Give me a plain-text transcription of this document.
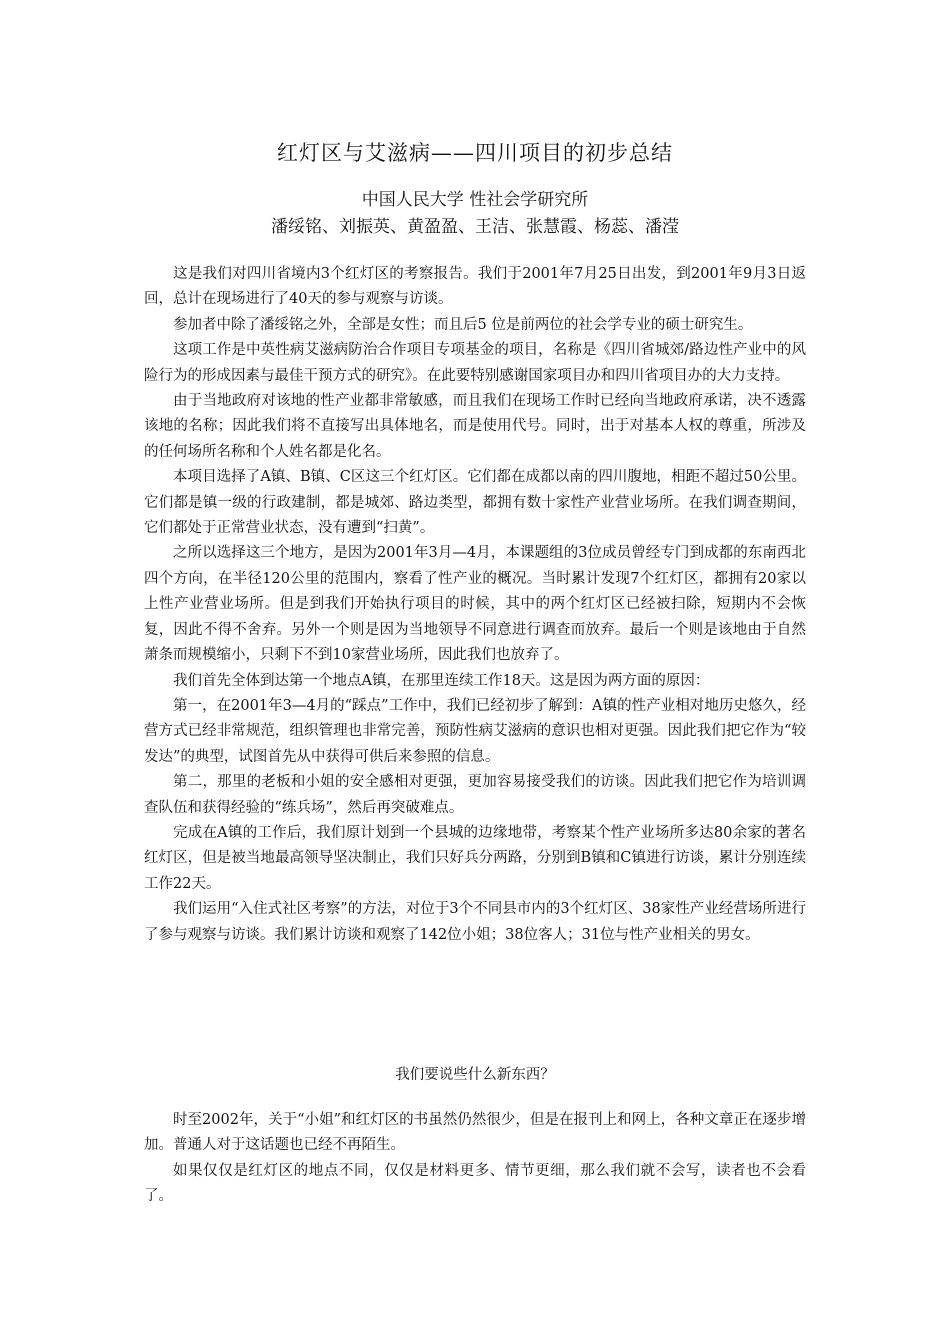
红灯区与艾滋病——四川项目的初步总结
中国人民大学 性社会学研究所
潘绥铭、刘振英、黄盈盈、王洁、张慧霞、杨蕊、潘滢

这是我们对四川省境内3个红灯区的考察报告。我们于2001年7月25日出发，到2001年9月3日返回，总计在现场进行了40天的参与观察与访谈。

参加者中除了潘绥铭之外，全部是女性；而且后5 位是前两位的社会学专业的硕士研究生。

这项工作是中英性病艾滋病防治合作项目专项基金的项目，名称是《四川省城郊/路边性产业中的风险行为的形成因素与最佳干预方式的研究》。在此要特别感谢国家项目办和四川省项目办的大力支持。

由于当地政府对该地的性产业都非常敏感，而且我们在现场工作时已经向当地政府承诺，决不透露该地的名称；因此我们将不直接写出具体地名，而是使用代号。同时，出于对基本人权的尊重，所涉及的任何场所名称和个人姓名都是化名。

本项目选择了A镇、B镇、C区这三个红灯区。它们都在成都以南的四川腹地，相距不超过50公里。它们都是镇一级的行政建制，都是城郊、路边类型，都拥有数十家性产业营业场所。在我们调查期间，它们都处于正常营业状态，没有遭到“扫黄”。

之所以选择这三个地方，是因为2001年3月—4月，本课题组的3位成员曾经专门到成都的东南西北四个方向，在半径120公里的范围内，察看了性产业的概况。当时累计发现7个红灯区，都拥有20家以上性产业营业场所。但是到我们开始执行项目的时候，其中的两个红灯区已经被扫除，短期内不会恢复，因此不得不舍弃。另外一个则是因为当地领导不同意进行调查而放弃。最后一个则是该地由于自然萧条而规模缩小，只剩下不到10家营业场所，因此我们也放弃了。

我们首先全体到达第一个地点A镇，在那里连续工作18天。这是因为两方面的原因：

第一，在2001年3—4月的“踩点”工作中，我们已经初步了解到：A镇的性产业相对地历史悠久，经营方式已经非常规范，组织管理也非常完善，预防性病艾滋病的意识也相对更强。因此我们把它作为“较发达”的典型，试图首先从中获得可供后来参照的信息。

第二，那里的老板和小姐的安全感相对更强，更加容易接受我们的访谈。因此我们把它作为培训调查队伍和获得经验的“练兵场”，然后再突破难点。

完成在A镇的工作后，我们原计划到一个县城的边缘地带，考察某个性产业场所多达80余家的著名红灯区，但是被当地最高领导坚决制止，我们只好兵分两路，分别到B镇和C镇进行访谈，累计分别连续工作22天。

我们运用“入住式社区考察”的方法，对位于3个不同县市内的3个红灯区、38家性产业经营场所进行了参与观察与访谈。我们累计访谈和观察了142位小姐；38位客人；31位与性产业相关的男女。

我们要说些什么新东西？

时至2002年，关于“小姐”和红灯区的书虽然仍然很少，但是在报刊上和网上，各种文章正在逐步增加。普通人对于这话题也已经不再陌生。

如果仅仅是红灯区的地点不同，仅仅是材料更多、情节更细，那么我们就不会写，读者也不会看了。
